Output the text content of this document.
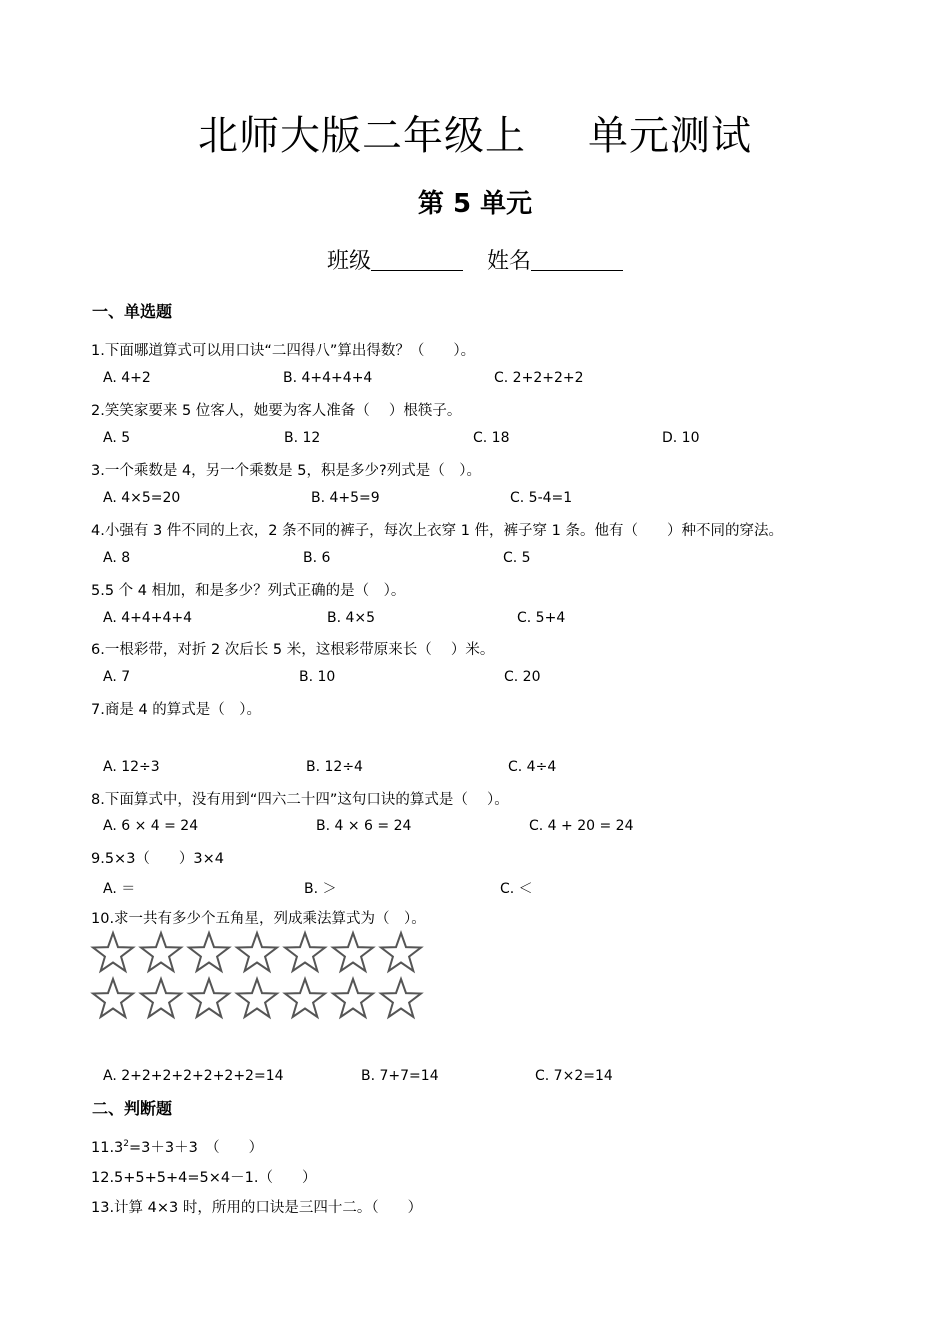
北师大版二年级上 单元测试
第 5 单元
班级	姓名
一、单选题
1.下面哪道算式可以用口诀“二四得八”算出得数？（　　）。
A. 4+2	B. 4+4+4+4	C. 2+2+2+2
2.笑笑家要来 5 位客人，她要为客人准备（　 ）根筷子。
A. 5	B. 12	C. 18	D. 10
3.一个乘数是 4，另一个乘数是 5，积是多少?列式是（　）。
A. 4×5=20	B. 4+5=9	C. 5-4=1
4.小强有 3 件不同的上衣，2 条不同的裤子，每次上衣穿 1 件，裤子穿 1 条。他有（　　）种不同的穿法。
A. 8	B. 6	C. 5
5.5 个 4 相加，和是多少？列式正确的是（　）。
A. 4+4+4+4	B. 4×5	C. 5+4
6.一根彩带，对折 2 次后长 5 米，这根彩带原来长（　 ）米。
A. 7	B. 10	C. 20
7.商是 4 的算式是（　）。
A. 12÷3	B. 12÷4	C. 4÷4
8.下面算式中，没有用到“四六二十四”这句口诀的算式是（　 ）。
A. 6 × 4 = 24	B. 4 × 6 = 24	C. 4 + 20 = 24
9.5×3（　　）3×4
A. ＝	B. ＞	C. ＜
10.求一共有多少个五角星，列成乘法算式为（　）。
A. 2+2+2+2+2+2+2=14	B. 7+7=14	C. 7×2=14
二、判断题
$11.3^2=3+3+3$　（　　）
12.5+5+5+4=5×4－1.（　　）
13.计算 4×3 时，所用的口诀是三四十二。（　　）
